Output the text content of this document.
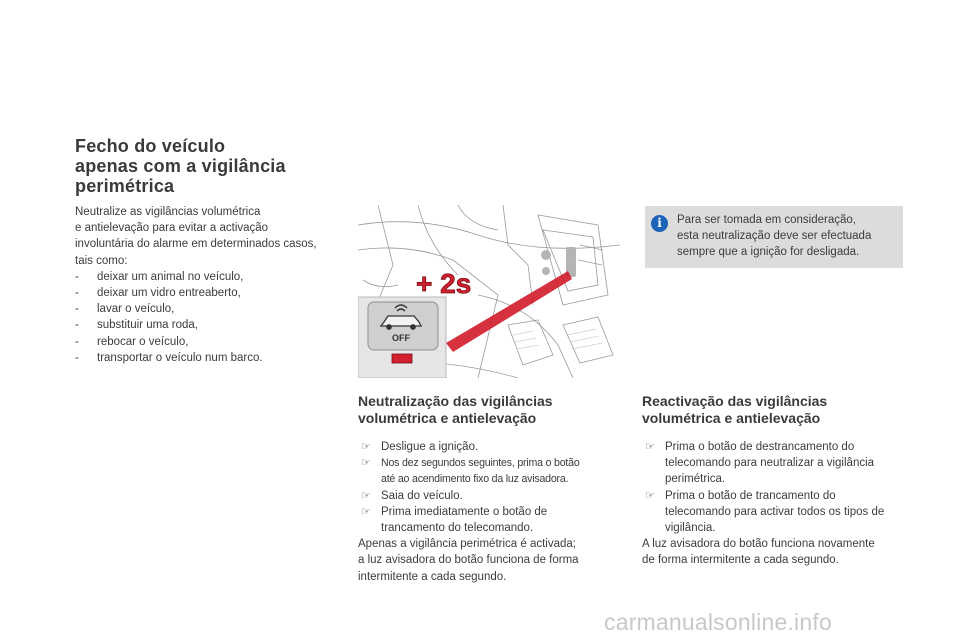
Fecho do veículo
apenas com a vigilância
perimétrica
Neutralize as vigilâncias volumétrica
e antielevação para evitar a activação
involuntária do alarme em determinados casos,
tais como:
- deixar um animal no veículo,
- deixar um vidro entreaberto,
- lavar o veículo,
- substituir uma roda,
- rebocar o veículo,
- transportar o veículo num barco.
OFF
+ 2s
i	Para ser tomada em consideração,
esta neutralização deve ser efectuada
sempre que a ignição for desligada.
Neutralização das vigilâncias
volumétrica e antielevação
☞ Desligue a ignição.
☞ Nos dez segundos seguintes, prima o botão
até ao acendimento fixo da luz avisadora.
☞ Saia do veículo.
☞ Prima imediatamente o botão de
trancamento do telecomando.
Apenas a vigilância perimétrica é activada;
a luz avisadora do botão funciona de forma
intermitente a cada segundo.
Reactivação das vigilâncias
volumétrica e antielevação
☞ Prima o botão de destrancamento do
telecomando para neutralizar a vigilância
perimétrica.
☞ Prima o botão de trancamento do
telecomando para activar todos os tipos de
vigilância.
A luz avisadora do botão funciona novamente
de forma intermitente a cada segundo.
carmanualsonline.info
